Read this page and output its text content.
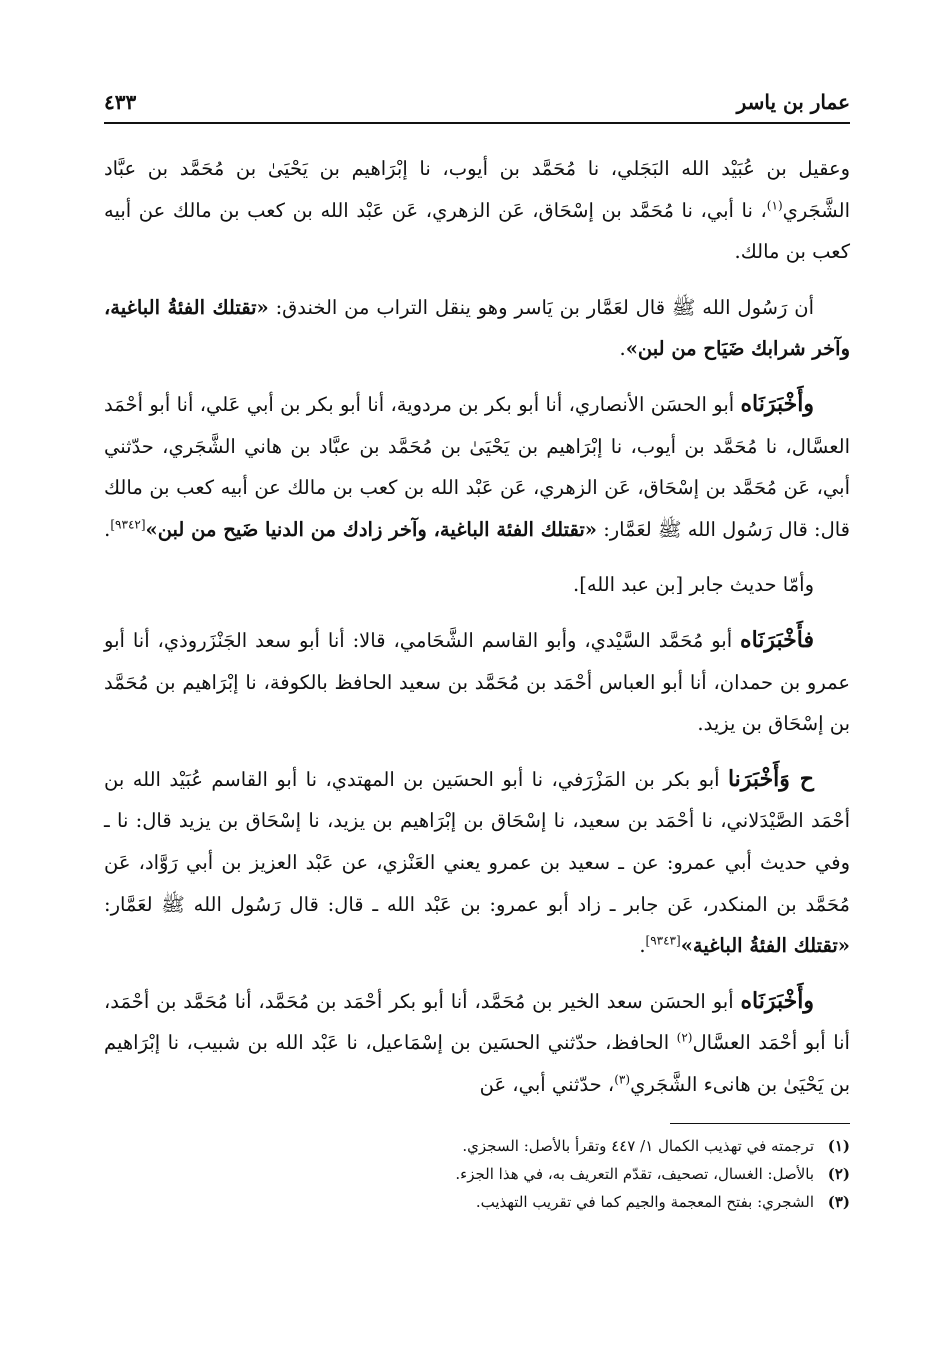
عمار بن ياسر
٤٣٣

وعقيل بن عُبَيْد الله البَجَلي، نا مُحَمَّد بن أيوب، نا إبْرَاهيم بن يَحْيَىٰ بن مُحَمَّد بن عبَّاد الشَّجَري$^{(١)}$، نا أبي، نا مُحَمَّد بن إسْحَاق، عَن الزهري، عَن عَبْد الله بن كعب بن مالك عن أبيه كعب بن مالك.

أن رَسُول الله ﷺ قال لعَمَّار بن يَاسر وهو ينقل التراب من الخندق: «تقتلك الفئةُ الباغية، وآخر شرابك ضَيَاح من لبن».

وأَخْبَرَنَاه أبو الحسَن الأنصاري، أنا أبو بكر بن مردوية، أنا أبو بكر بن أبي عَلي، أنا أبو أحْمَد العسَّال، نا مُحَمَّد بن أيوب، نا إبْرَاهيم بن يَحْيَىٰ بن مُحَمَّد بن عبَّاد بن هاني الشَّجَري، حدّثني أبي، عَن مُحَمَّد بن إسْحَاق، عَن الزهري، عَن عَبْد الله بن كعب بن مالك عن أبيه كعب بن مالك قال: قال رَسُول الله ﷺ لعَمَّار: «تقتلك الفئة الباغية، وآخر زادك من الدنيا ضَيح من لبن»[٩٣٤٢].

وأمّا حديث جابر [بن عبد الله].

فأَخْبَرَنَاه أبو مُحَمَّد السَّيْدي، وأبو القاسم الشَّحَامي، قالا: أنا أبو سعد الجَنْزَروذي، أنا أبو عمرو بن حمدان، أنا أبو العباس أحْمَد بن مُحَمَّد بن سعيد الحافظ بالكوفة، نا إبْرَاهيم بن مُحَمَّد بن إسْحَاق بن يزيد.

ح وَأَخْبَرَنا أبو بكر بن المَزْرَفي، نا أبو الحسَين بن المهتدي، نا أبو القاسم عُبَيْد الله بن أحْمَد الصَّيْدَلاني، نا أحْمَد بن سعيد، نا إسْحَاق بن إبْرَاهيم بن يزيد، نا إسْحَاق بن يزيد قال: نا ـ وفي حديث أبي عمرو: عن ـ سعيد بن عمرو يعني العَنْزي، عن عَبْد العزيز بن أبي رَوَّاد، عَن مُحَمَّد بن المنكدر، عَن جابر ـ زاد أبو عمرو: بن عَبْد الله ـ قال: قال رَسُول الله ﷺ لعَمَّار: «تقتلك الفئةُ الباغية»[٩٣٤٣].

وأَخْبَرَنَاه أبو الحسَن سعد الخير بن مُحَمَّد، أنا أبو بكر أحْمَد بن مُحَمَّد، أنا مُحَمَّد بن أحْمَد، أنا أبو أحْمَد العسَّال$^{(٢)}$ الحافظ، حدّثني الحسَين بن إسْمَاعيل، نا عَبْد الله بن شبيب، نا إبْرَاهيم بن يَحْيَىٰ بن هانىء الشَّجَري$^{(٣)}$، حدّثني أبي، عَن

(١)
ترجمته في تهذيب الكمال ١/ ٤٤٧ وتقرأ بالأصل: السجزي.
(٢)
بالأصل: الغسال، تصحيف، تقدّم التعريف به، في هذا الجزء.
(٣)
الشجري: بفتح المعجمة والجيم كما في تقريب التهذيب.
